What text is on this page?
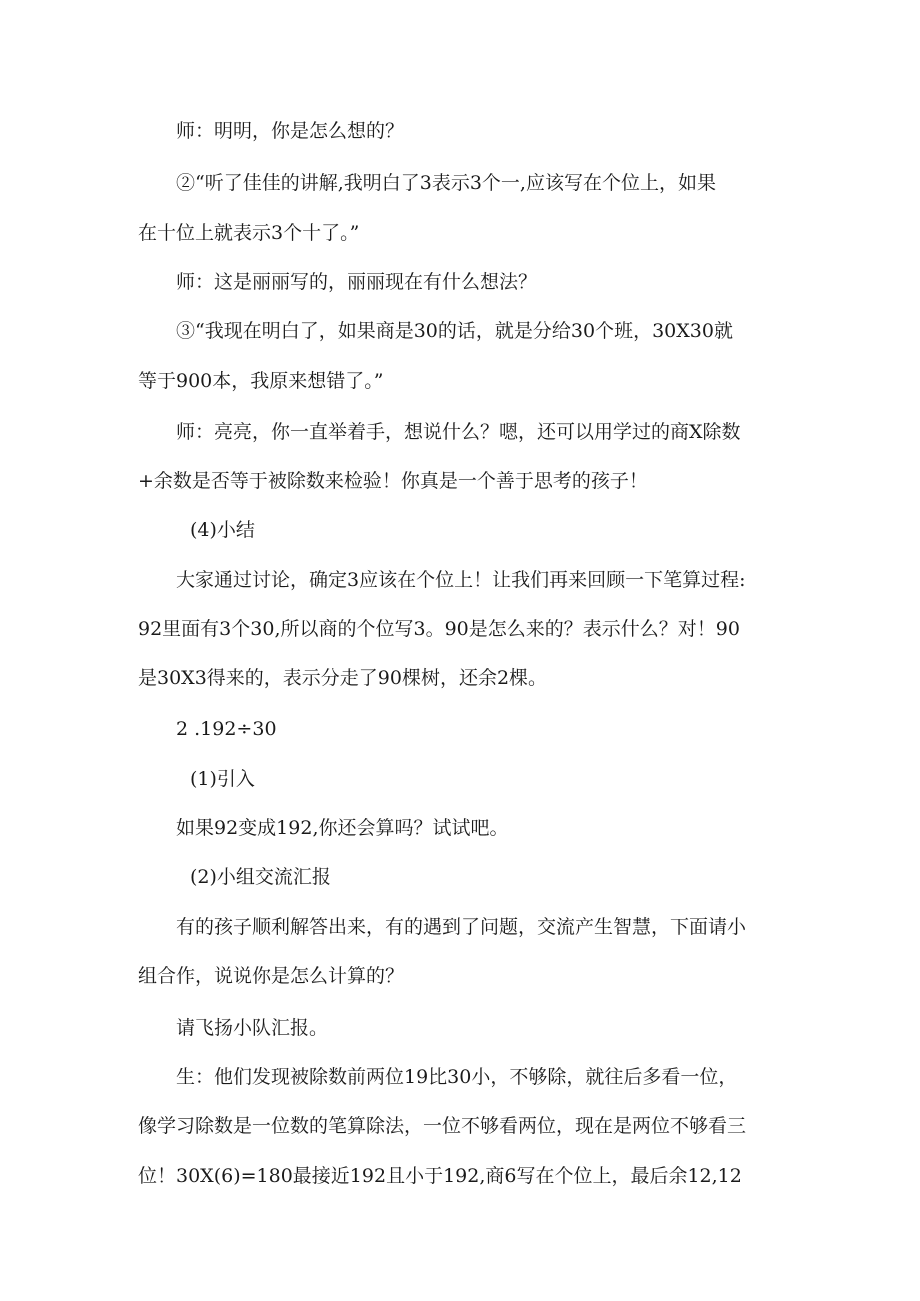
师：明明，你是怎么想的？

②“听了佳佳的讲解,我明白了3表示3个一,应该写在个位上，如果

在十位上就表示3个十了。”

师：这是丽丽写的，丽丽现在有什么想法？

③“我现在明白了，如果商是30的话，就是分给30个班，30X30就

等于900本，我原来想错了。”

师：亮亮，你一直举着手，想说什么？嗯，还可以用学过的商X除数

+余数是否等于被除数来检验！你真是一个善于思考的孩子！

(4)小结

大家通过讨论，确定3应该在个位上！让我们再来回顾一下笔算过程:

92里面有3个30,所以商的个位写3。90是怎么来的？表示什么？对！90

是30X3得来的，表示分走了90棵树，还余2棵。

2 .192÷30

(1)引入

如果92变成192,你还会算吗？试试吧。

(2)小组交流汇报

有的孩子顺利解答出来，有的遇到了问题，交流产生智慧，下面请小

组合作，说说你是怎么计算的？

请飞扬小队汇报。

生：他们发现被除数前两位19比30小，不够除，就往后多看一位，

像学习除数是一位数的笔算除法，一位不够看两位，现在是两位不够看三

位！30X(6)=180最接近192且小于192,商6写在个位上，最后余12,12
